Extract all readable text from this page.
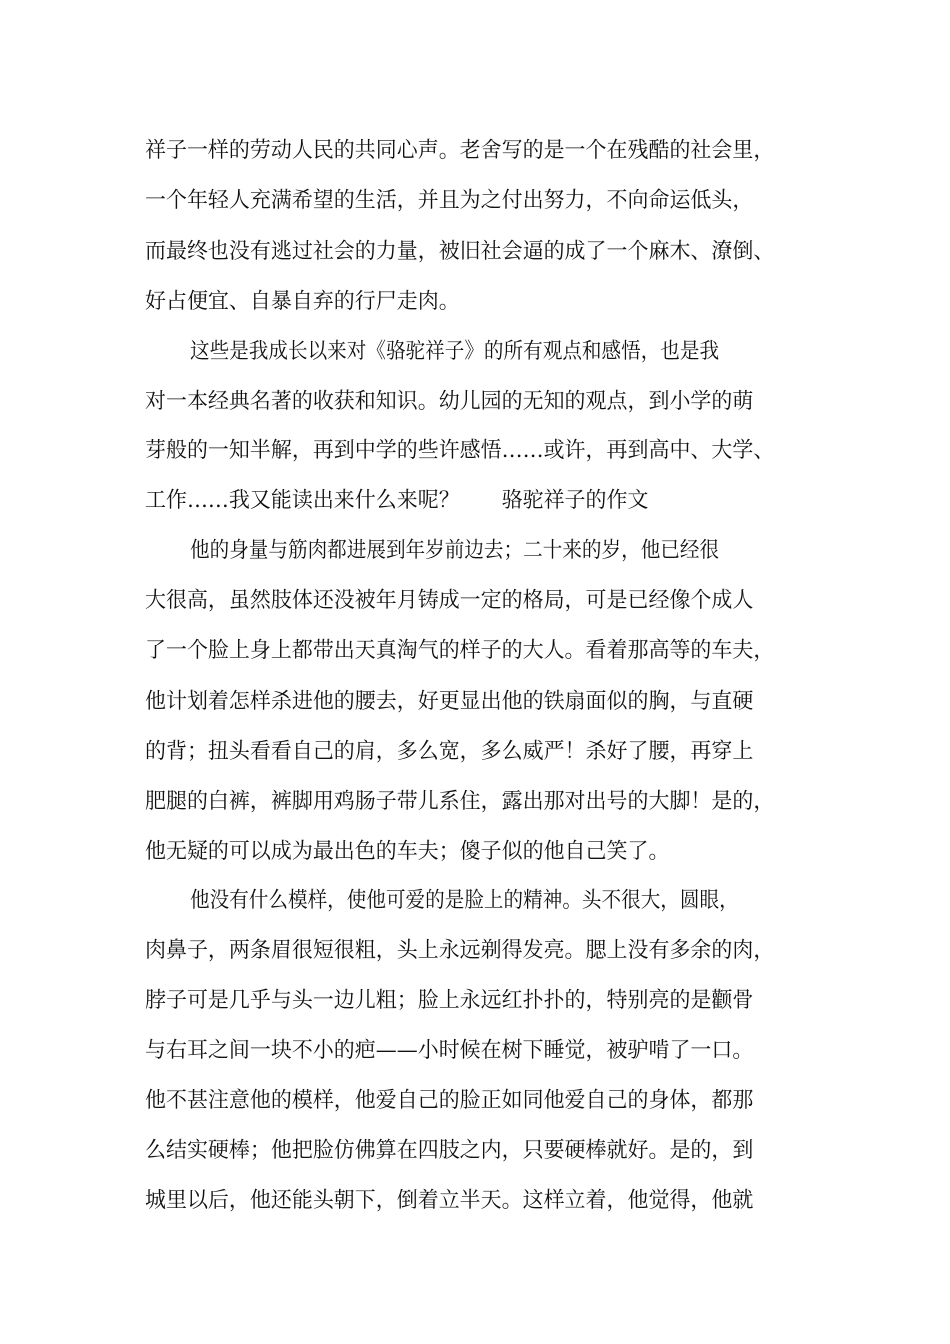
祥子一样的劳动人民的共同心声。老舍写的是一个在残酷的社会里，
一个年轻人充满希望的生活，并且为之付出努力，不向命运低头，
而最终也没有逃过社会的力量，被旧社会逼的成了一个麻木、潦倒、
好占便宜、自暴自弃的行尸走肉。
这些是我成长以来对《骆驼祥子》的所有观点和感悟，也是我
对一本经典名著的收获和知识。幼儿园的无知的观点，到小学的萌
芽般的一知半解，再到中学的些许感悟……或许，再到高中、大学、
工作……我又能读出来什么来呢？　　骆驼祥子的作文
他的身量与筋肉都进展到年岁前边去；二十来的岁，他已经很
大很高，虽然肢体还没被年月铸成一定的格局，可是已经像个成人
了一个脸上身上都带出天真淘气的样子的大人。看着那高等的车夫，
他计划着怎样杀进他的腰去，好更显出他的铁扇面似的胸，与直硬
的背；扭头看看自己的肩，多么宽，多么威严！杀好了腰，再穿上
肥腿的白裤，裤脚用鸡肠子带儿系住，露出那对出号的大脚！是的，
他无疑的可以成为最出色的车夫；傻子似的他自己笑了。
他没有什么模样，使他可爱的是脸上的精神。头不很大，圆眼，
肉鼻子，两条眉很短很粗，头上永远剃得发亮。腮上没有多余的肉，
脖子可是几乎与头一边儿粗；脸上永远红扑扑的，特别亮的是颧骨
与右耳之间一块不小的疤——小时候在树下睡觉，被驴啃了一口。
他不甚注意他的模样，他爱自己的脸正如同他爱自己的身体，都那
么结实硬棒；他把脸仿佛算在四肢之内，只要硬棒就好。是的，到
城里以后，他还能头朝下，倒着立半天。这样立着，他觉得，他就
